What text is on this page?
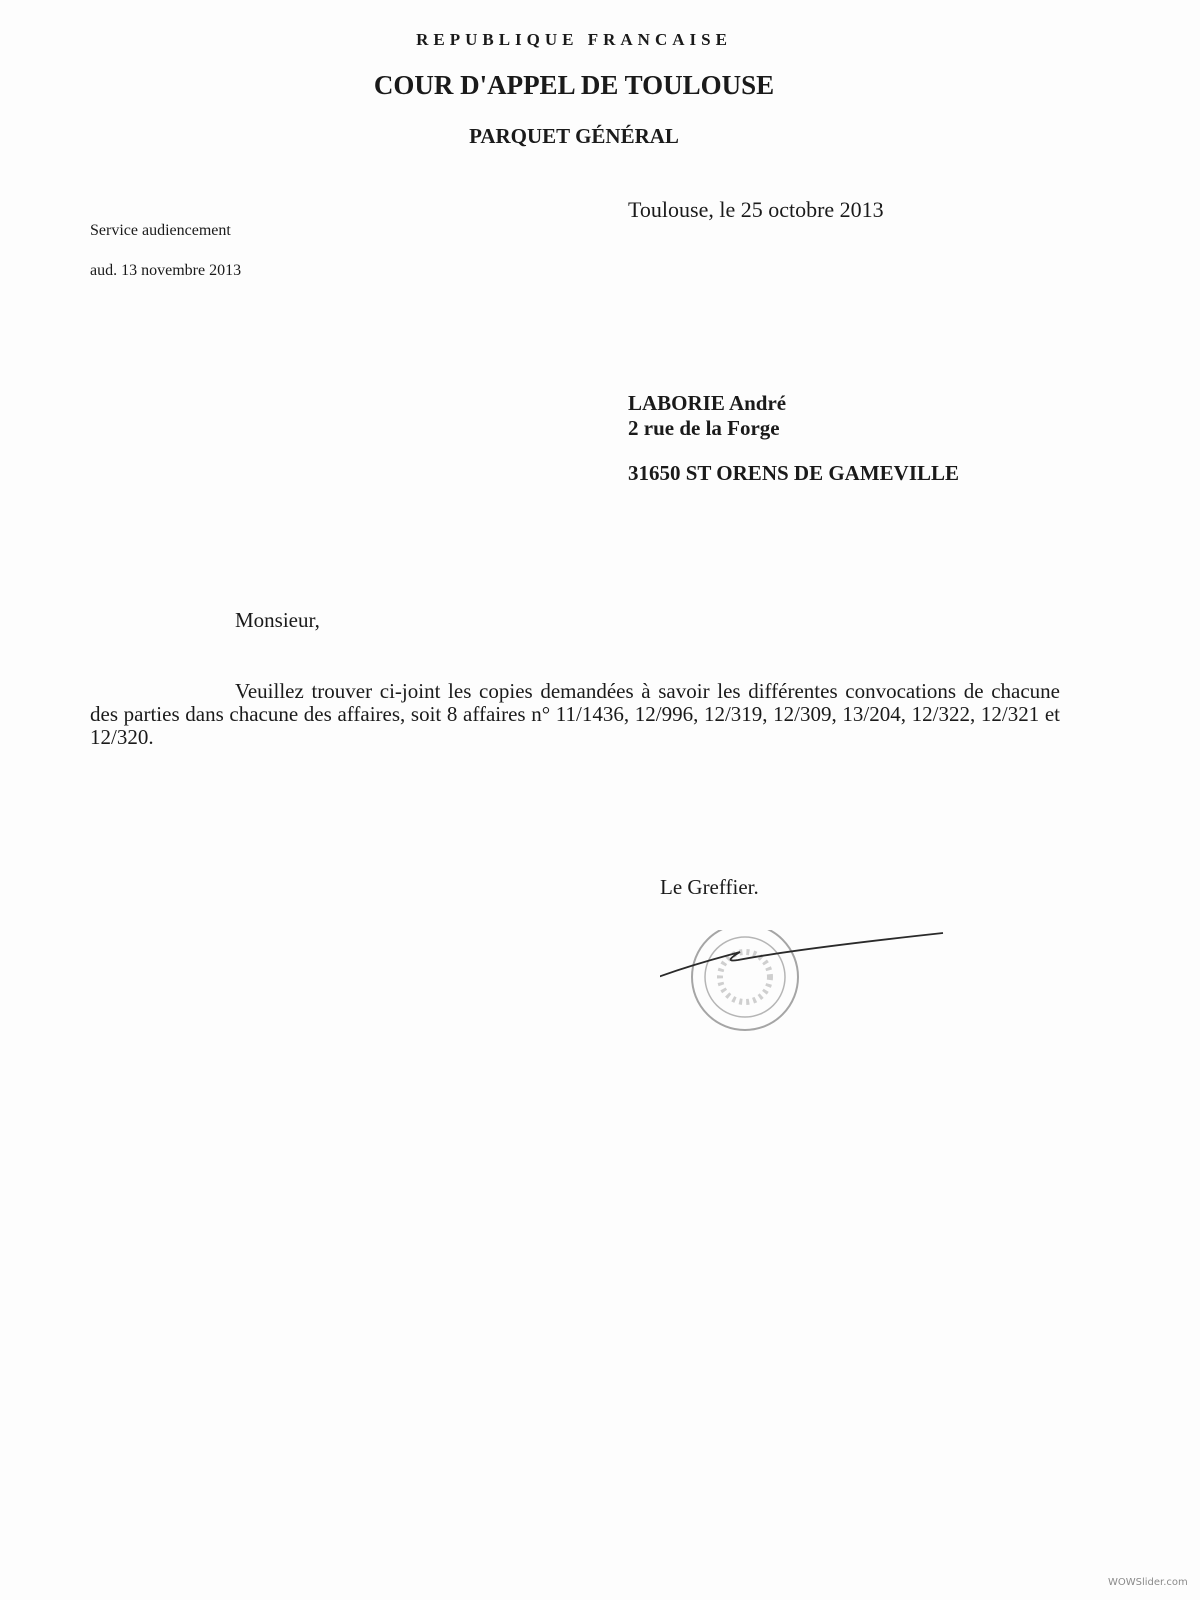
REPUBLIQUE FRANCAISE
COUR D'APPEL DE TOULOUSE
PARQUET GÉNÉRAL
Toulouse, le 25 octobre 2013
Service audiencement
aud. 13 novembre 2013
LABORIE André
2 rue de la Forge
31650 ST ORENS DE GAMEVILLE
Monsieur,
Veuillez trouver ci-joint les copies demandées à savoir les différentes convocations de chacune des parties dans chacune des affaires, soit 8 affaires n° 11/1436, 12/996, 12/319, 12/309, 13/204, 12/322, 12/321 et 12/320.
Le Greffier.
WOWSlider.com
